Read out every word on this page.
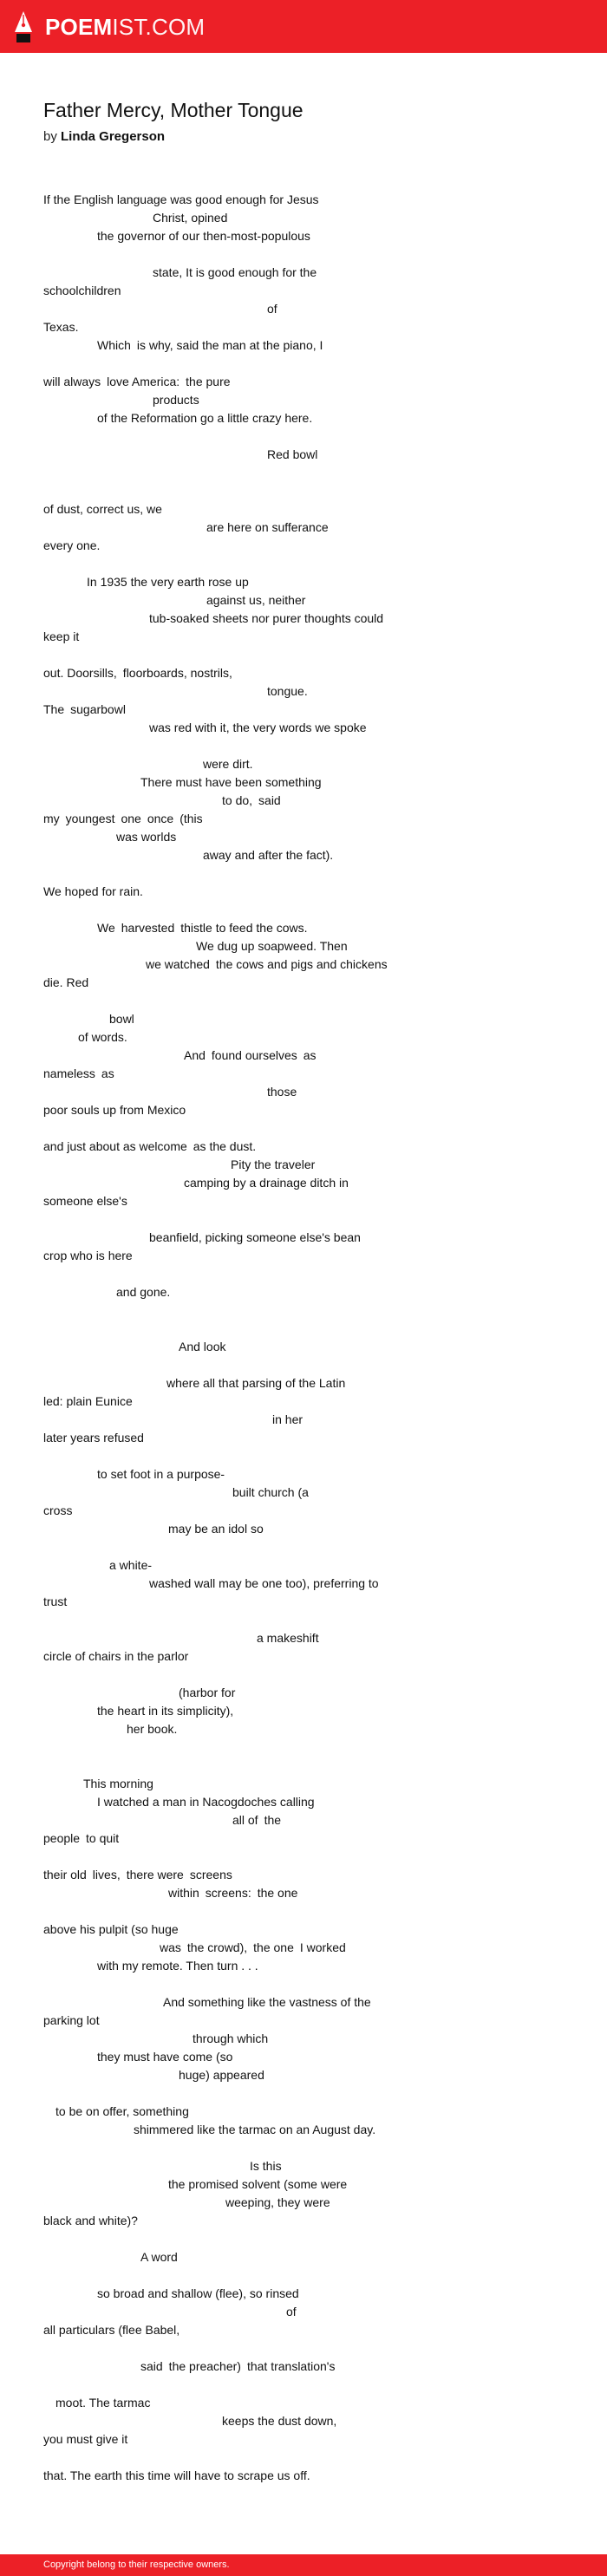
POEMIST.COM
Father Mercy, Mother Tongue
by Linda Gregerson

If the English language was good enough for Jesus

Christ, opined

the governor of our then-most-populous

state, It is good enough for the

schoolchildren

of

Texas.

Which is why, said the man at the piano, I

will always love America: the pure

products

of the Reformation go a little crazy here.

Red bowl

of dust, correct us, we

are here on sufferance

every one.

In 1935 the very earth rose up

against us, neither

tub-soaked sheets nor purer thoughts could

keep it

out. Doorsills, floorboards, nostrils,

tongue.

The sugarbowl

was red with it, the very words we spoke

were dirt.

There must have been something

to do, said

my youngest one once (this

was worlds

away and after the fact).

We hoped for rain.

We harvested thistle to feed the cows.

We dug up soapweed. Then

we watched the cows and pigs and chickens

die. Red

bowl

of words.

And found ourselves as

nameless as

those

poor souls up from Mexico

and just about as welcome as the dust.

Pity the traveler

camping by a drainage ditch in

someone else's

beanfield, picking someone else's bean

crop who is here

and gone.

And look

where all that parsing of the Latin

led: plain Eunice

in her

later years refused

to set foot in a purpose-

built church (a

cross

may be an idol so

a white-

washed wall may be one too), preferring to

trust

a makeshift

circle of chairs in the parlor

(harbor for

the heart in its simplicity),

her book.

This morning

I watched a man in Nacogdoches calling

all of the

people to quit

their old lives, there were screens

within screens: the one

above his pulpit (so huge

was the crowd), the one I worked

with my remote. Then turn . . .

And something like the vastness of the

parking lot

through which

they must have come (so

huge) appeared

to be on offer, something

shimmered like the tarmac on an August day.

Is this

the promised solvent (some were

weeping, they were

black and white)?

A word

so broad and shallow (flee), so rinsed

of

all particulars (flee Babel,

said the preacher) that translation's

moot. The tarmac

keeps the dust down,

you must give it

that. The earth this time will have to scrape us off.

Copyright belong to their respective owners.
